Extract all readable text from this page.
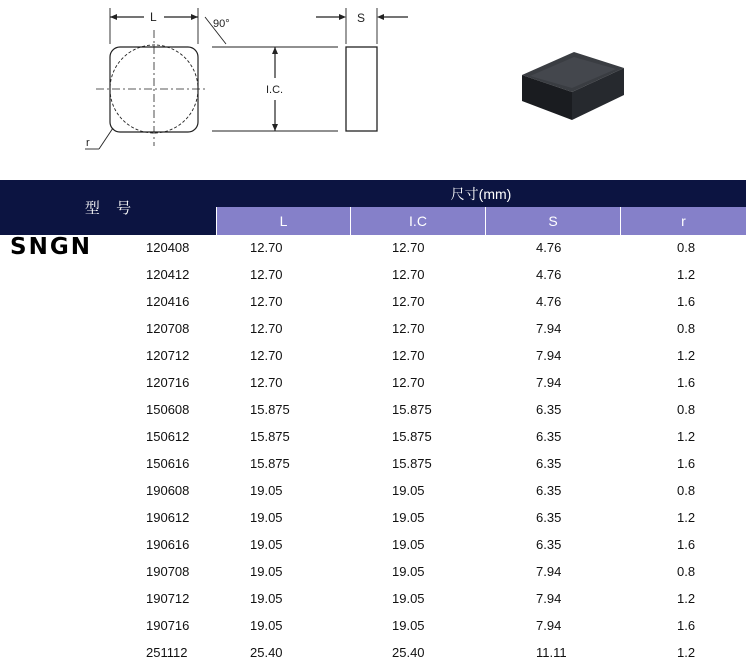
L	90°
I.C.
S
r
型 号
尺寸(mm)
L	I.C	S	r
SNGN	120408	12.70	12.70	4.76	0.8
120412	12.70	12.70	4.76	1.2
120416	12.70	12.70	4.76	1.6
120708	12.70	12.70	7.94	0.8
120712	12.70	12.70	7.94	1.2
120716	12.70	12.70	7.94	1.6
150608	15.875	15.875	6.35	0.8
150612	15.875	15.875	6.35	1.2
150616	15.875	15.875	6.35	1.6
190608	19.05	19.05	6.35	0.8
190612	19.05	19.05	6.35	1.2
190616	19.05	19.05	6.35	1.6
190708	19.05	19.05	7.94	0.8
190712	19.05	19.05	7.94	1.2
190716	19.05	19.05	7.94	1.6
251112	25.40	25.40	11.11	1.2
